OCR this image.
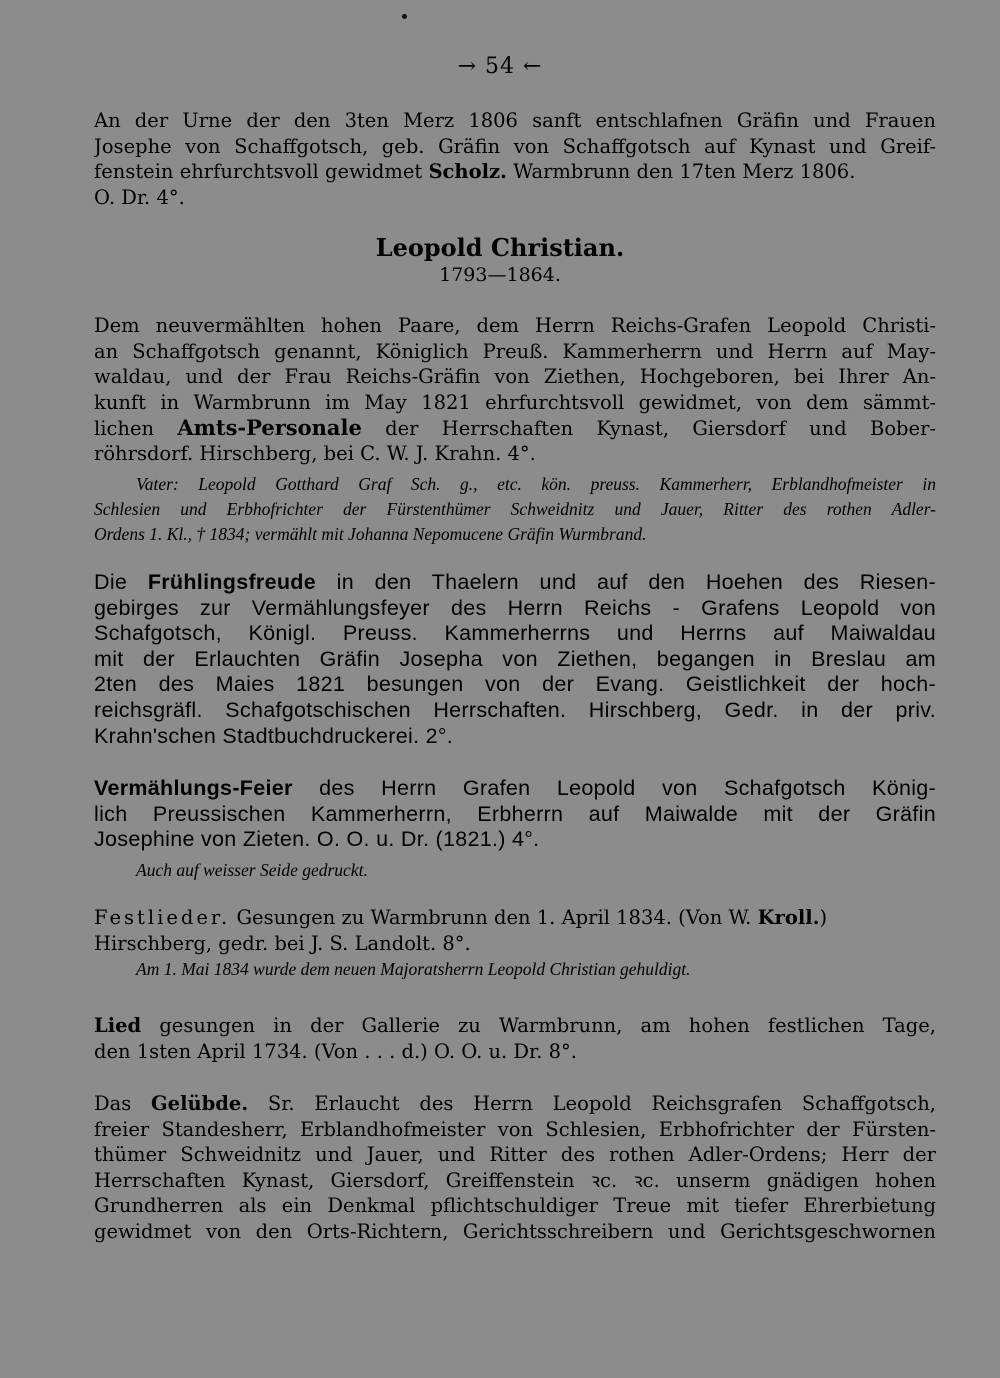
→ 54 ←
An der Urne der den 3ten Merz 1806 sanft entschlafnen Gräfin und Frauen
Josephe von Schaffgotsch, geb. Gräfin von Schaffgotsch auf Kynast und Greif-
fenstein ehrfurchtsvoll gewidmet Scholz. Warmbrunn den 17ten Merz 1806.
O. Dr. 4°.
Leopold Christian.
1793—1864.
Dem neuvermählten hohen Paare, dem Herrn Reichs-Grafen Leopold Christi-
an Schaffgotsch genannt, Königlich Preuß. Kammerherrn und Herrn auf May-
waldau, und der Frau Reichs-Gräfin von Ziethen, Hochgeboren, bei Ihrer An-
kunft in Warmbrunn im May 1821 ehrfurchtsvoll gewidmet, von dem sämmt-
lichen Amts-Personale der Herrschaften Kynast, Giersdorf und Bober-
röhrsdorf. Hirschberg, bei C. W. J. Krahn. 4°.
Vater: Leopold Gotthard Graf Sch. g., etc. kön. preuss. Kammerherr, Erblandhofmeister in
Schlesien und Erbhofrichter der Fürstenthümer Schweidnitz und Jauer, Ritter des rothen Adler-
Ordens 1. Kl., † 1834; vermählt mit Johanna Nepomucene Gräfin Wurmbrand.
Die Frühlingsfreude in den Thaelern und auf den Hoehen des Riesen-
gebirges zur Vermählungsfeyer des Herrn Reichs - Grafens Leopold von
Schafgotsch, Königl. Preuss. Kammerherrns und Herrns auf Maiwaldau
mit der Erlauchten Gräfin Josepha von Ziethen, begangen in Breslau am
2ten des Maies 1821 besungen von der Evang. Geistlichkeit der hoch-
reichsgräfl. Schafgotschischen Herrschaften. Hirschberg, Gedr. in der priv.
Krahn'schen Stadtbuchdruckerei. 2°.
Vermählungs-Feier des Herrn Grafen Leopold von Schafgotsch König-
lich Preussischen Kammerherrn, Erbherrn auf Maiwalde mit der Gräfin
Josephine von Zieten. O. O. u. Dr. (1821.) 4°.
Auch auf weisser Seide gedruckt.
Festlieder. Gesungen zu Warmbrunn den 1. April 1834. (Von W. Kroll.)
Hirschberg, gedr. bei J. S. Landolt. 8°.
Am 1. Mai 1834 wurde dem neuen Majoratsherrn Leopold Christian gehuldigt.
Lied gesungen in der Gallerie zu Warmbrunn, am hohen festlichen Tage,
den 1sten April 1734. (Von . . . d.) O. O. u. Dr. 8°.
Das Gelübde. Sr. Erlaucht des Herrn Leopold Reichsgrafen Schaffgotsch,
freier Standesherr, Erblandhofmeister von Schlesien, Erbhofrichter der Fürsten-
thümer Schweidnitz und Jauer, und Ritter des rothen Adler-Ordens; Herr der
Herrschaften Kynast, Giersdorf, Greiffenstein ꝛc. ꝛc. unserm gnädigen hohen
Grundherren als ein Denkmal pflichtschuldiger Treue mit tiefer Ehrerbietung
gewidmet von den Orts-Richtern, Gerichtsschreibern und Gerichtsgeschwornen
